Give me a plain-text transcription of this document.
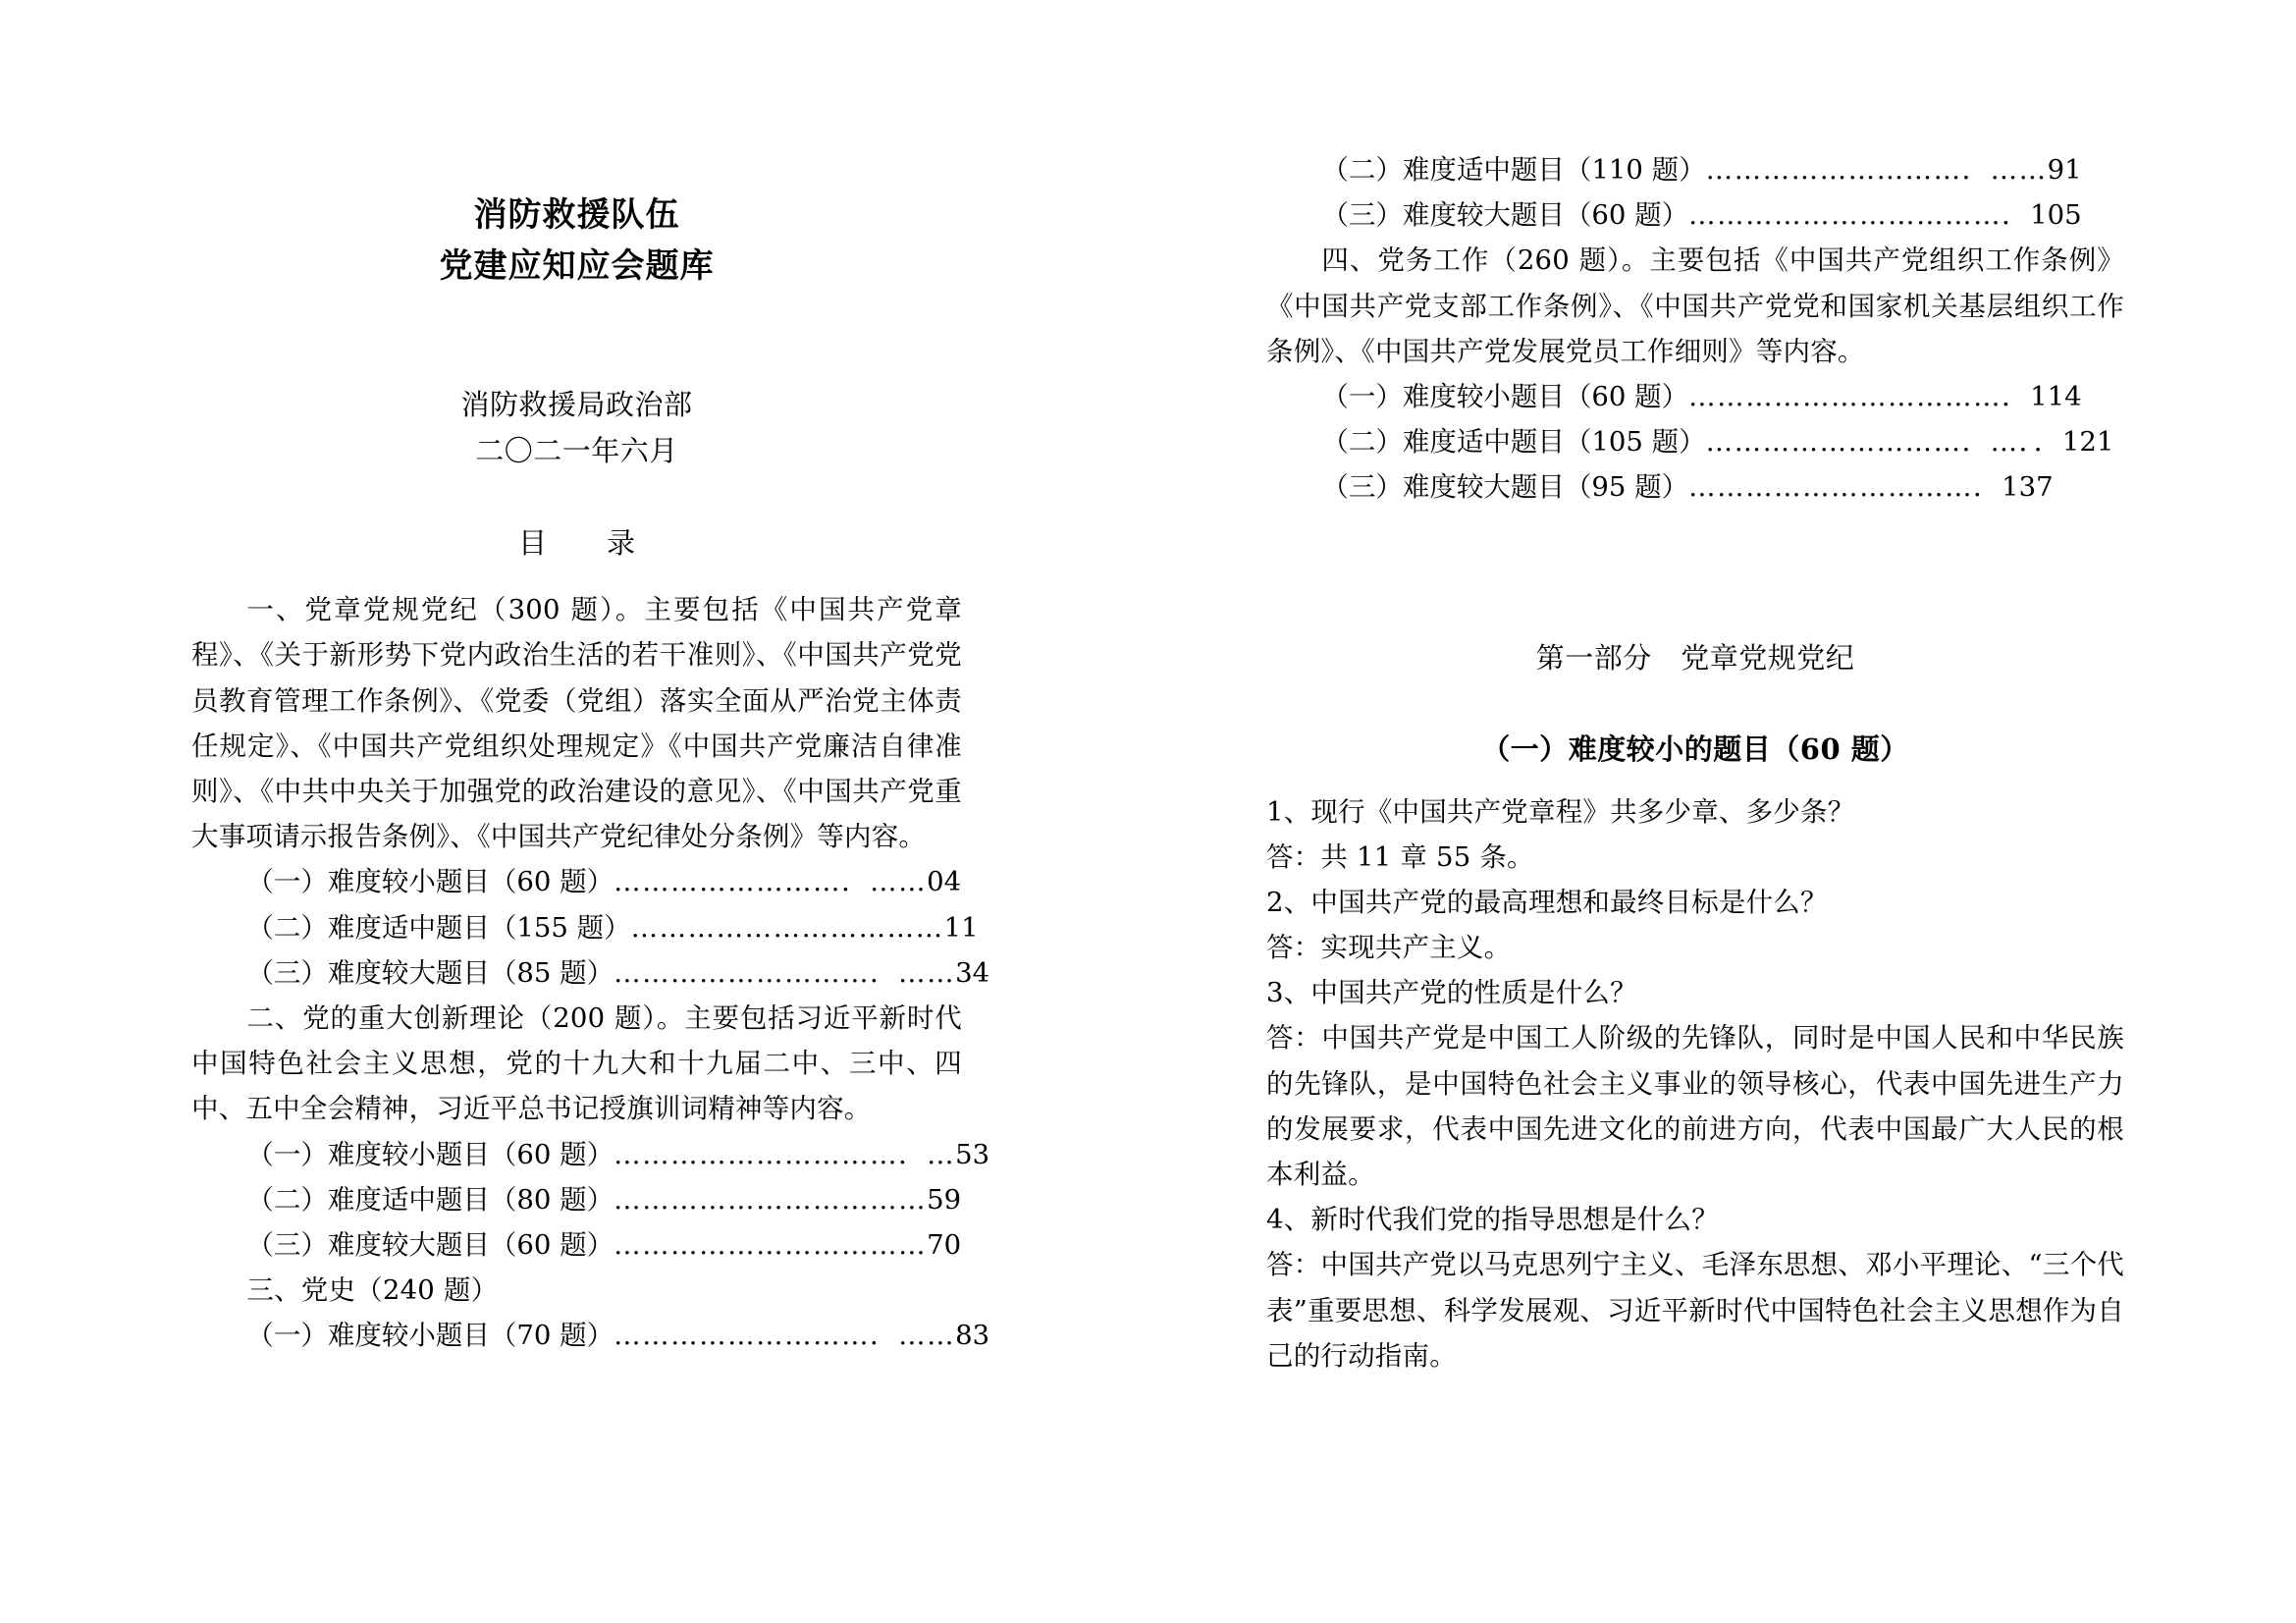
消防救援队伍
党建应知应会题库
消防救援局政治部
二〇二一年六月
目　录

一、党章党规党纪（300 题）。主要包括《中国共产党章程》、《关于新形势下党内政治生活的若干准则》、《中国共产党党员教育管理工作条例》、《党委（党组）落实全面从严治党主体责任规定》、《中国共产党组织处理规定》《中国共产党廉洁自律准则》、《中共中央关于加强党的政治建设的意见》、《中国共产党重大事项请示报告条例》、《中国共产党纪律处分条例》等内容。

（一）难度较小题目（60 题）……………………．……04
（二）难度适中题目（155 题）……………………………11
（三）难度较大题目（85 题）………………………．……34

二、党的重大创新理论（200 题）。主要包括习近平新时代中国特色社会主义思想，党的十九大和十九届二中、三中、四中、五中全会精神，习近平总书记授旗训词精神等内容。

（一）难度较小题目（60 题）…………………………．…53
（二）难度适中题目（80 题）……………………………59
（三）难度较大题目（60 题）……………………………70

三、党史（240 题）

（一）难度较小题目（70 题）………………………．……83
（二）难度适中题目（110 题）………………………．……91
（三）难度较大题目（60 题）……………………………．105

四、党务工作（260 题）。主要包括《中国共产党组织工作条例》《中国共产党支部工作条例》、《中国共产党党和国家机关基层组织工作条例》、《中国共产党发展党员工作细则》等内容。

（一）难度较小题目（60 题）……………………………．114
（二）难度适中题目（105 题）………………………．…．．121
（三）难度较大题目（95 题）…………………………．137
第一部分　党章党规党纪
（一）难度较小的题目（60 题）

1、现行《中国共产党章程》共多少章、多少条？

答：共 11 章 55 条。

2、中国共产党的最高理想和最终目标是什么？

答：实现共产主义。

3、中国共产党的性质是什么？

答：中国共产党是中国工人阶级的先锋队，同时是中国人民和中华民族的先锋队，是中国特色社会主义事业的领导核心，代表中国先进生产力的发展要求，代表中国先进文化的前进方向，代表中国最广大人民的根本利益。

4、新时代我们党的指导思想是什么？

答：中国共产党以马克思列宁主义、毛泽东思想、邓小平理论、“三个代表”重要思想、科学发展观、习近平新时代中国特色社会主义思想作为自己的行动指南。
